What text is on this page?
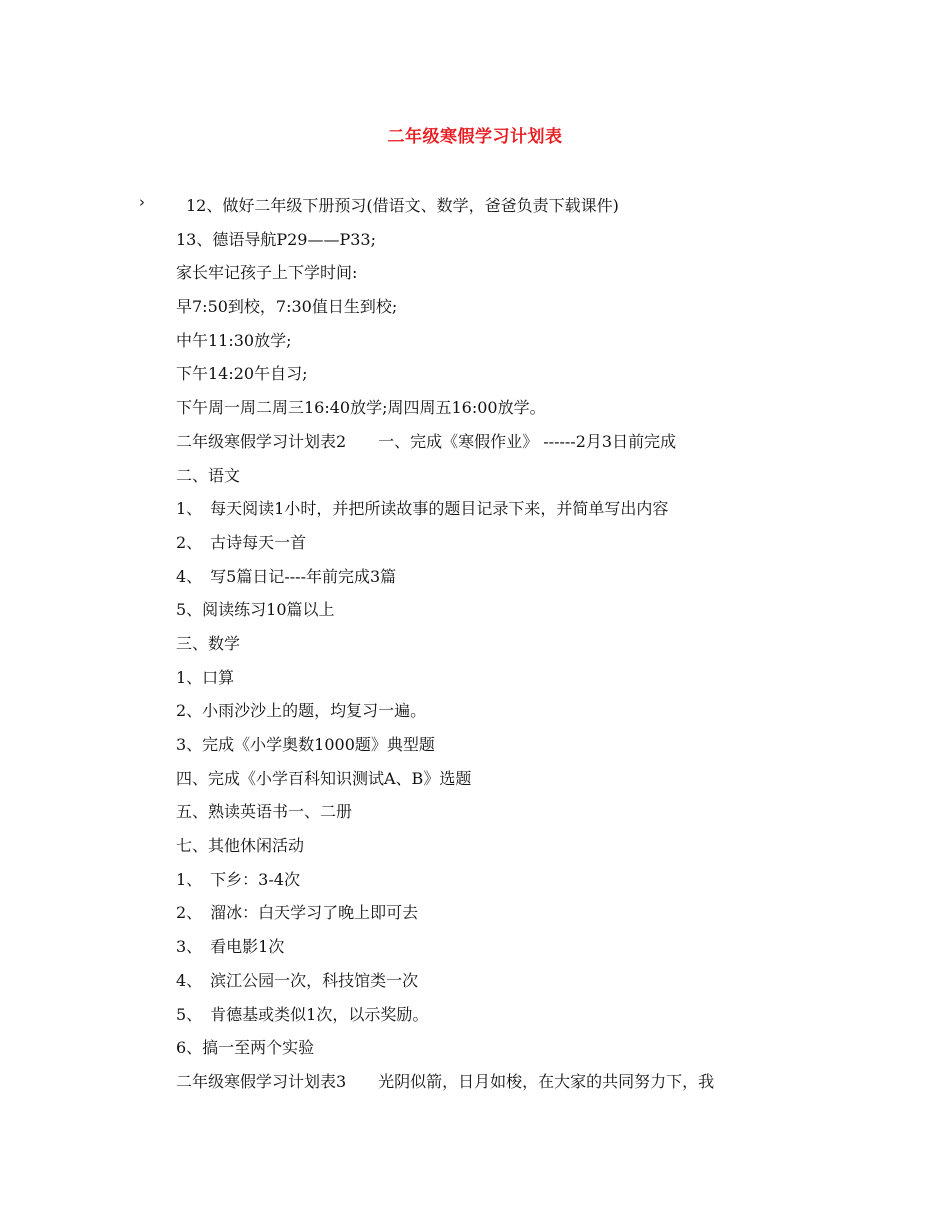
二年级寒假学习计划表
›	12、做好二年级下册预习(借语文、数学，爸爸负责下载课件)
13、德语导航P29——P33;
家长牢记孩子上下学时间:
早7:50到校，7:30值日生到校;
中午11:30放学;
下午14:20午自习;
下午周一周二周三16:40放学;周四周五16:00放学。
二年级寒假学习计划表2　　一、完成《寒假作业》 ------2月3日前完成
二、语文
1、　每天阅读1小时，并把所读故事的题目记录下来，并简单写出内容
2、　古诗每天一首
4、　写5篇日记----年前完成3篇
5、阅读练习10篇以上
三、数学
1、口算
2、小雨沙沙上的题，均复习一遍。
3、完成《小学奥数1000题》典型题
四、完成《小学百科知识测试A、B》选题
五、熟读英语书一、二册
七、其他休闲活动
1、　下乡：3-4次
2、　溜冰：白天学习了晚上即可去
3、　看电影1次
4、　滨江公园一次，科技馆类一次
5、　肯德基或类似1次，以示奖励。
6、搞一至两个实验
二年级寒假学习计划表3　　光阴似箭，日月如梭，在大家的共同努力下，我
